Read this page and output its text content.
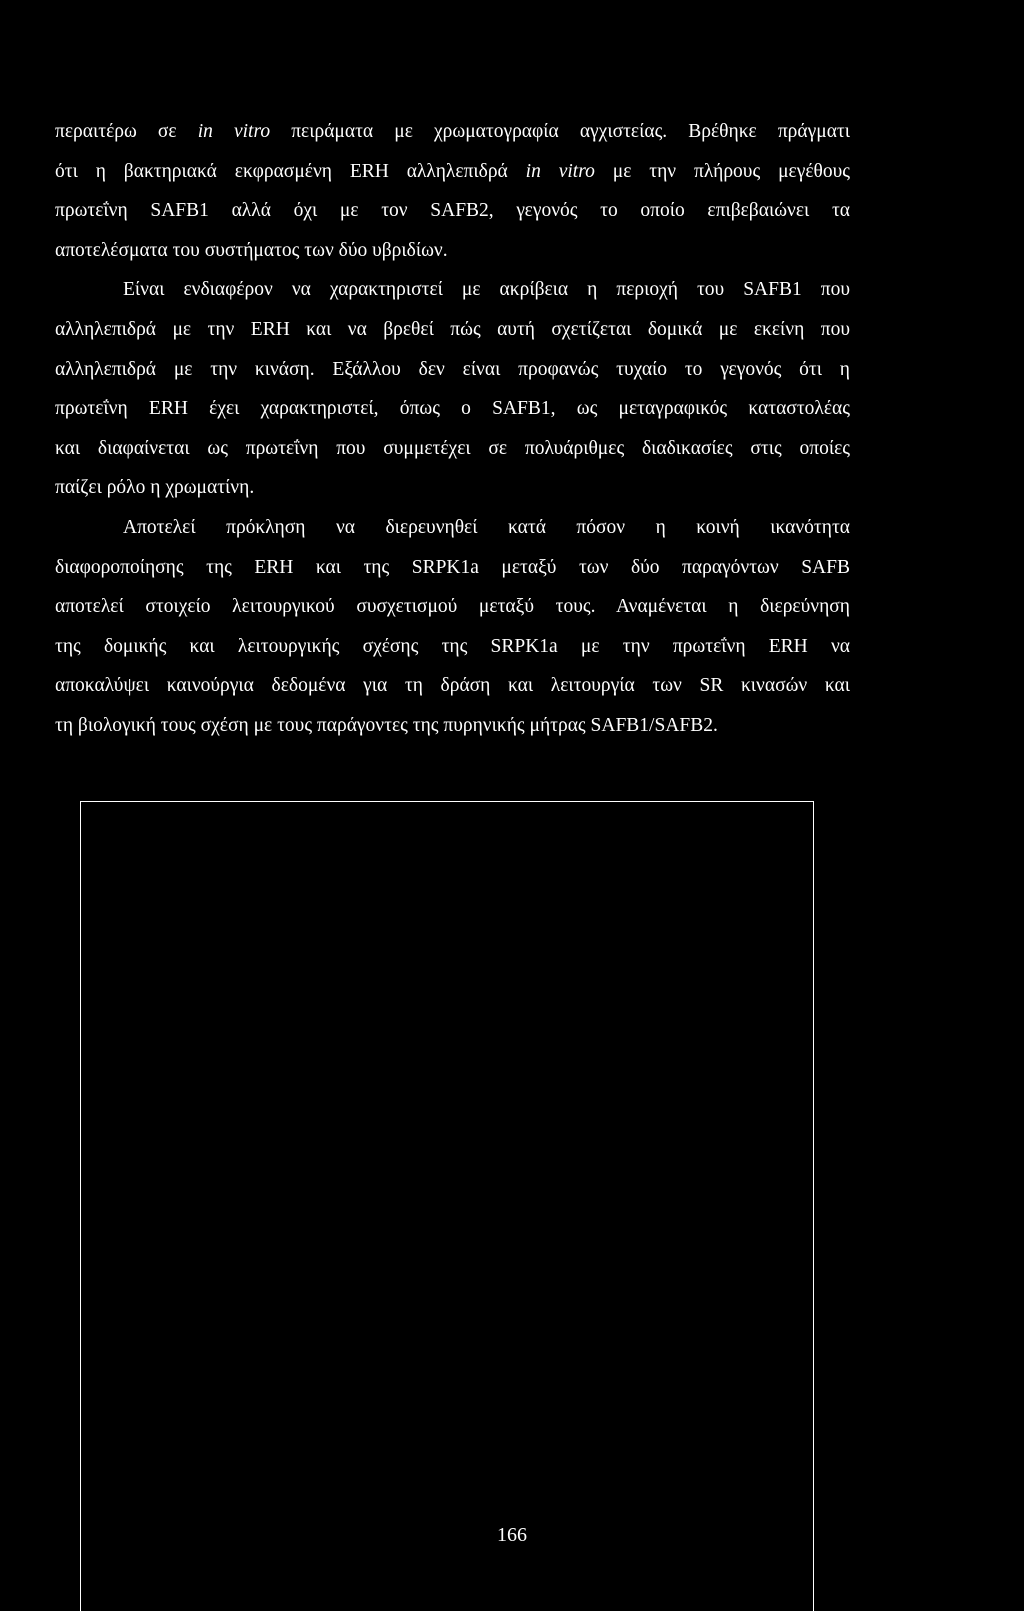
περαιτέρω σε in vitro πειράματα με χρωματογραφία αγχιστείας. Βρέθηκε πράγματι
ότι η βακτηριακά εκφρασμένη ERH αλληλεπιδρά in vitro με την πλήρους μεγέθους
πρωτεΐνη SAFB1 αλλά όχι με τον SAFB2, γεγονός το οποίο επιβεβαιώνει τα
αποτελέσματα του συστήματος των δύο υβριδίων.
Είναι ενδιαφέρον να χαρακτηριστεί με ακρίβεια η περιοχή του SAFB1 που
αλληλεπιδρά με την ERH και να βρεθεί πώς αυτή σχετίζεται δομικά με εκείνη που
αλληλεπιδρά με την κινάση. Εξάλλου δεν είναι προφανώς τυχαίο το γεγονός ότι η
πρωτεΐνη ERH έχει χαρακτηριστεί, όπως ο SAFB1, ως μεταγραφικός καταστολέας
και διαφαίνεται ως πρωτεΐνη που συμμετέχει σε πολυάριθμες διαδικασίες στις οποίες
παίζει ρόλο η χρωματίνη.
Αποτελεί πρόκληση να διερευνηθεί κατά πόσον η κοινή ικανότητα
διαφοροποίησης της ERH και της SRPK1a μεταξύ των δύο παραγόντων SAFB
αποτελεί στοιχείο λειτουργικού συσχετισμού μεταξύ τους. Αναμένεται η διερεύνηση
της δομικής και λειτουργικής σχέσης της SRPK1a με την πρωτεΐνη ERH να
αποκαλύψει καινούργια δεδομένα για τη δράση και λειτουργία των SR κινασών και
τη βιολογική τους σχέση με τους παράγοντες της πυρηνικής μήτρας SAFB1/SAFB2.
166
